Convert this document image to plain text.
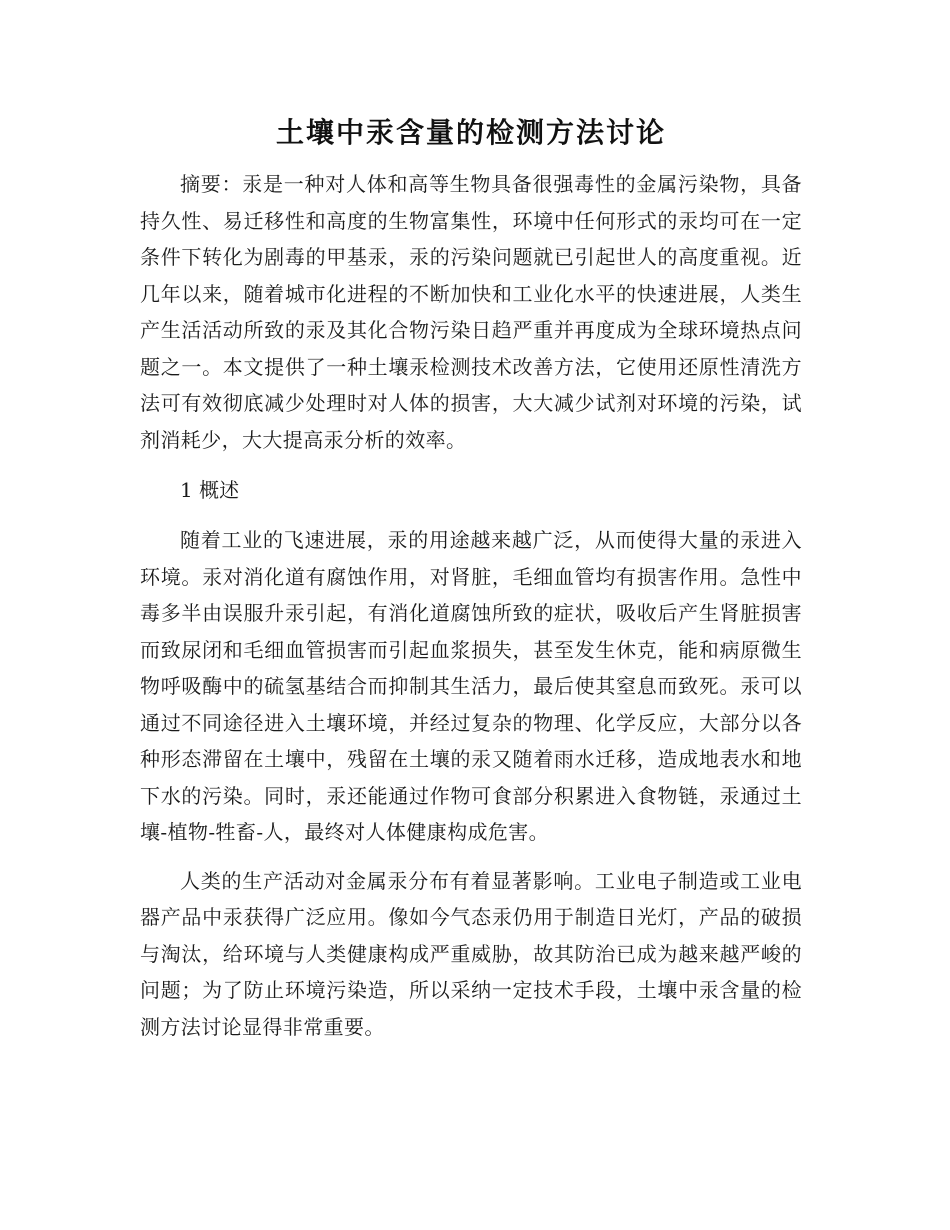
土壤中汞含量的检测方法讨论

摘要：汞是一种对人体和高等生物具备很强毒性的金属污染物，具备持久性、易迁移性和高度的生物富集性，环境中任何形式的汞均可在一定条件下转化为剧毒的甲基汞，汞的污染问题就已引起世人的高度重视。近几年以来，随着城市化进程的不断加快和工业化水平的快速进展，人类生产生活活动所致的汞及其化合物污染日趋严重并再度成为全球环境热点问题之一。本文提供了一种土壤汞检测技术改善方法，它使用还原性清洗方法可有效彻底减少处理时对人体的损害，大大减少试剂对环境的污染，试剂消耗少，大大提高汞分析的效率。

1 概述

随着工业的飞速进展，汞的用途越来越广泛，从而使得大量的汞进入环境。汞对消化道有腐蚀作用，对肾脏，毛细血管均有损害作用。急性中毒多半由误服升汞引起，有消化道腐蚀所致的症状，吸收后产生肾脏损害而致尿闭和毛细血管损害而引起血浆损失，甚至发生休克，能和病原微生物呼吸酶中的硫氢基结合而抑制其生活力，最后使其窒息而致死。汞可以通过不同途径进入土壤环境，并经过复杂的物理、化学反应，大部分以各种形态滞留在土壤中，残留在土壤的汞又随着雨水迁移，造成地表水和地下水的污染。同时，汞还能通过作物可食部分积累进入食物链，汞通过土壤-植物-牲畜-人，最终对人体健康构成危害。

人类的生产活动对金属汞分布有着显著影响。工业电子制造或工业电器产品中汞获得广泛应用。像如今气态汞仍用于制造日光灯，产品的破损与淘汰，给环境与人类健康构成严重威胁，故其防治已成为越来越严峻的问题；为了防止环境污染造，所以采纳一定技术手段，土壤中汞含量的检测方法讨论显得非常重要。
